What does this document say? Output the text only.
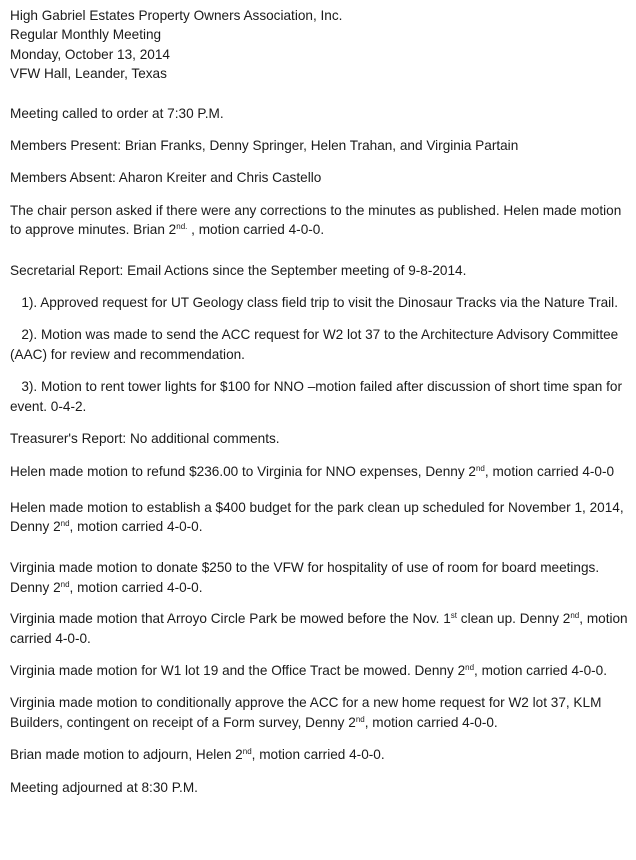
High Gabriel Estates Property Owners Association, Inc.
Regular Monthly Meeting
Monday, October 13, 2014
VFW Hall, Leander, Texas

Meeting called to order at 7:30 P.M.

Members Present: Brian Franks, Denny Springer, Helen Trahan, and Virginia Partain

Members Absent: Aharon Kreiter and Chris Castello

The chair person asked if there were any corrections to the minutes as published. Helen made motion to approve minutes. Brian $2^{nd.}$ , motion carried 4-0-0.

Secretarial Report: Email Actions since the September meeting of 9-8-2014.

1). Approved request for UT Geology class field trip to visit the Dinosaur Tracks via the Nature Trail.

2). Motion was made to send the ACC request for W2 lot 37 to the Architecture Advisory Committee (AAC) for review and recommendation.

3). Motion to rent tower lights for $100 for NNO –motion failed after discussion of short time span for event. 0-4-2.

Treasurer's Report: No additional comments.

Helen made motion to refund $236.00 to Virginia for NNO expenses, Denny 2nd, motion carried 4-0-0

Helen made motion to establish a $400 budget for the park clean up scheduled for November 1, 2014, Denny 2nd, motion carried 4-0-0.

Virginia made motion to donate $250 to the VFW for hospitality of use of room for board meetings.
Denny 2nd, motion carried 4-0-0.

Virginia made motion that Arroyo Circle Park be mowed before the Nov. 1st clean up. Denny 2nd, motion carried 4-0-0.

Virginia made motion for W1 lot 19 and the Office Tract be mowed. Denny 2nd, motion carried 4-0-0.

Virginia made motion to conditionally approve the ACC for a new home request for W2 lot 37, KLM Builders, contingent on receipt of a Form survey, Denny 2nd, motion carried 4-0-0.

Brian made motion to adjourn, Helen 2nd, motion carried 4-0-0.

Meeting adjourned at 8:30 P.M.
